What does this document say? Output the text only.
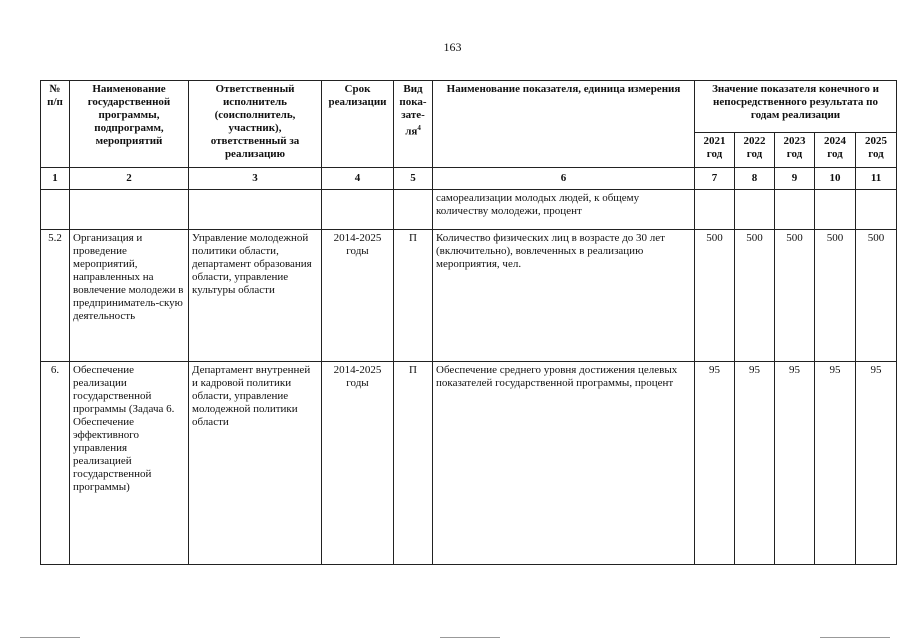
163
№ п/п	Наименование государственной программы, подпрограмм, мероприятий	Ответственный исполнитель (соисполнитель, участник), ответственный за реализацию	Срок реализации	Вид пока-$зате-ля^4$	Наименование показателя, единица измерения	Значение показателя конечного и непосредственного результата по годам реализации				
						2021 год	2022 год	2023 год	2024 год	2025 год
1	2	3	4	5	6	7	8	9	10	11
					самореализации молодых людей, к общему количеству молодежи, процент					
5.2	Организация и проведение мероприятий, направленных на вовлечение молодежи в предприниматель-скую деятельность	Управление молодежной политики области, департамент образования области, управление культуры области	2014-2025 годы	П	Количество физических лиц в возрасте до 30 лет (включительно), вовлеченных в реализацию мероприятия, чел.	500	500	500	500	500
6.	Обеспечение реализации государственной программы (Задача 6. Обеспечение эффективного управления реализацией государственной программы)	Департамент внутренней и кадровой политики области, управление молодежной политики области	2014-2025 годы	П	Обеспечение среднего уровня достижения целевых показателей государственной программы, процент	95	95	95	95	95
